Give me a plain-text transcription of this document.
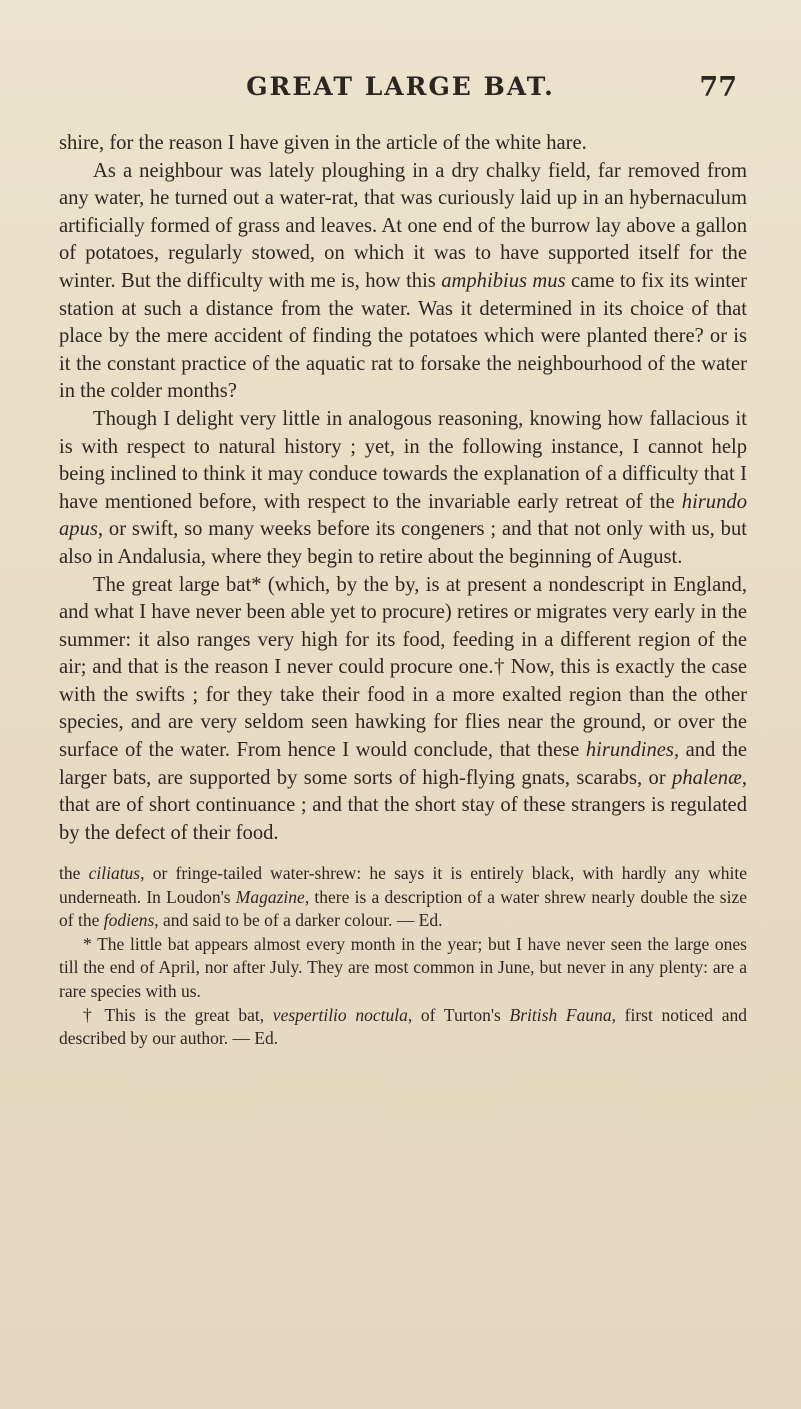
GREAT LARGE BAT.	77

shire, for the reason I have given in the article of the white hare.

As a neighbour was lately ploughing in a dry chalky field, far removed from any water, he turned out a water-rat, that was curiously laid up in an hybernaculum artificially formed of grass and leaves. At one end of the burrow lay above a gallon of potatoes, regularly stowed, on which it was to have supported itself for the winter. But the difficulty with me is, how this amphibius mus came to fix its winter station at such a distance from the water. Was it determined in its choice of that place by the mere accident of finding the potatoes which were planted there? or is it the constant practice of the aquatic rat to forsake the neighbourhood of the water in the colder months?

Though I delight very little in analogous reasoning, knowing how fallacious it is with respect to natural history ; yet, in the following instance, I cannot help being inclined to think it may conduce towards the explanation of a difficulty that I have mentioned before, with respect to the invariable early retreat of the hirundo apus, or swift, so many weeks before its congeners ; and that not only with us, but also in Andalusia, where they begin to retire about the beginning of August.

The great large bat* (which, by the by, is at present a nondescript in England, and what I have never been able yet to procure) retires or migrates very early in the summer: it also ranges very high for its food, feeding in a different region of the air; and that is the reason I never could procure one.† Now, this is exactly the case with the swifts ; for they take their food in a more exalted region than the other species, and are very seldom seen hawking for flies near the ground, or over the surface of the water. From hence I would conclude, that these hirundines, and the larger bats, are supported by some sorts of high-flying gnats, scarabs, or phalenæ, that are of short continuance ; and that the short stay of these strangers is regulated by the defect of their food.

the ciliatus, or fringe-tailed water-shrew: he says it is entirely black, with hardly any white underneath. In Loudon's Magazine, there is a description of a water shrew nearly double the size of the fodiens, and said to be of a darker colour. — Ed.

* The little bat appears almost every month in the year; but I have never seen the large ones till the end of April, nor after July. They are most common in June, but never in any plenty: are a rare species with us.

† This is the great bat, vespertilio noctula, of Turton's British Fauna, first noticed and described by our author. — Ed.
